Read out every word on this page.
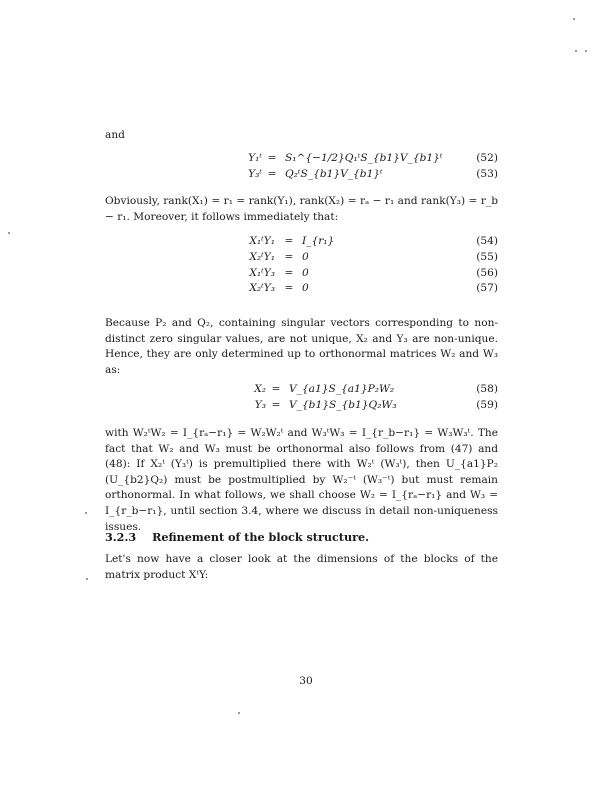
and

Y₁ᵗ = S₁^{−1/2}Q₁ᵗS_{b1}V_{b1}ᵗ	(52)
Y₃ᵗ = Q₂ᵗS_{b1}V_{b1}ᵗ	(53)

Obviously, rank(X₁) = r₁ = rank(Y₁), rank(X₂) = rₐ − r₁ and rank(Y₃) = r_b − r₁. Moreover, it follows immediately that:

X₁ᵗY₁ = I_{r₁}	(54)
X₂ᵗY₁ = 0	(55)
X₁ᵗY₃ = 0	(56)
X₂ᵗY₃ = 0	(57)

Because P₂ and Q₂, containing singular vectors corresponding to non-distinct zero singular values, are not unique, X₂ and Y₃ are non-unique. Hence, they are only determined up to orthonormal matrices W₂ and W₃ as:

X₂ = V_{a1}S_{a1}P₂W₂	(58)
Y₃ = V_{b1}S_{b1}Q₂W₃	(59)

with W₂ᵗW₂ = I_{rₐ−r₁} = W₂W₂ᵗ and W₃ᵗW₃ = I_{r_b−r₁} = W₃W₃ᵗ. The fact that W₂ and W₃ must be orthonormal also follows from (47) and (48): If X₂ᵗ (Y₃ᵗ) is premultiplied there with W₂ᵗ (W₃ᵗ), then U_{a1}P₂ (U_{b2}Q₂) must be postmultiplied by W₂⁻ᵗ (W₃⁻ᵗ) but must remain orthonormal. In what follows, we shall choose W₂ = I_{rₐ−r₁} and W₃ = I_{r_b−r₁}, until section 3.4, where we discuss in detail non-uniqueness issues.

3.2.3 Refinement of the block structure.

Let's now have a closer look at the dimensions of the blocks of the matrix product XᵗY:

30
